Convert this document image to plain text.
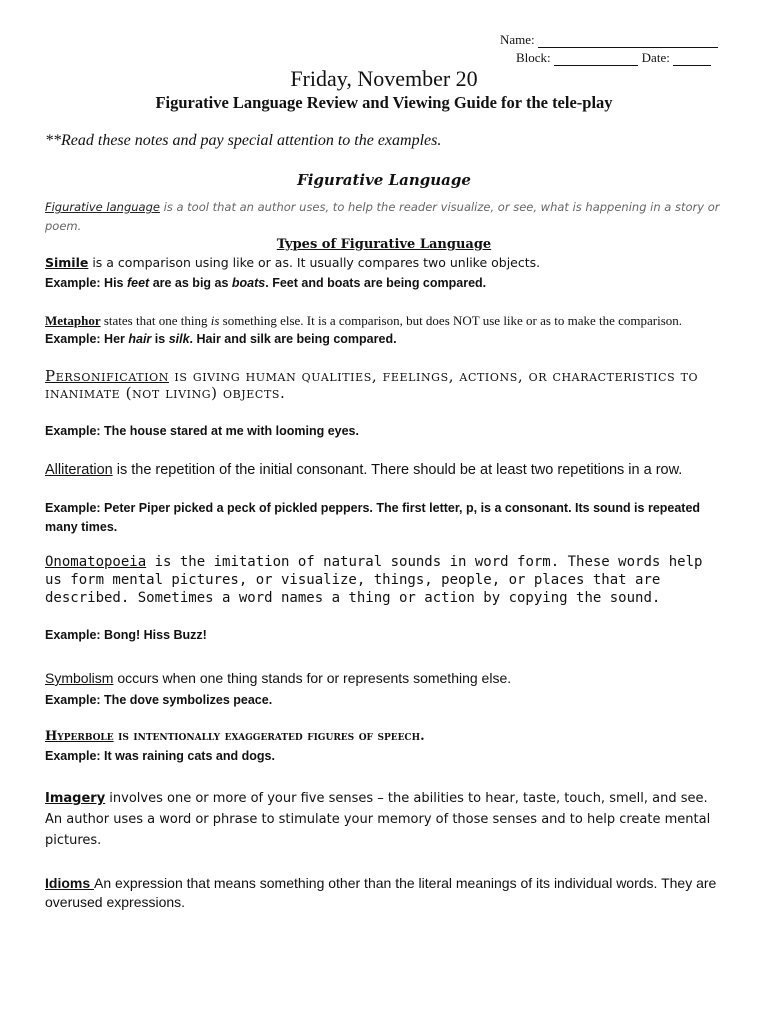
Name:
Block:	Date:
Friday, November 20
Figurative Language Review and Viewing Guide for the tele-play
**Read these notes and pay special attention to the examples.
Figurative Language
Figurative language is a tool that an author uses, to help the reader visualize, or see, what is happening in a story or poem.
Types of Figurative Language
Simile is a comparison using like or as. It usually compares two unlike objects.
Example: His feet are as big as boats. Feet and boats are being compared.
Metaphor states that one thing is something else. It is a comparison, but does NOT use like or as to make the comparison.
Example: Her hair is silk. Hair and silk are being compared.
Personification is giving human qualities, feelings, actions, or characteristics to inanimate (not living) objects.
Example: The house stared at me with looming eyes.
Alliteration is the repetition of the initial consonant. There should be at least two repetitions in a row.
Example: Peter Piper picked a peck of pickled peppers. The first letter, p, is a consonant. Its sound is repeated many times.
Onomatopoeia is the imitation of natural sounds in word form. These words help us form mental pictures, or visualize, things, people, or places that are described. Sometimes a word names a thing or action by copying the sound.
Example: Bong! Hiss Buzz!
Symbolism occurs when one thing stands for or represents something else.
Example: The dove symbolizes peace.
Hyperbole is intentionally exaggerated figures of speech.
Example: It was raining cats and dogs.
Imagery involves one or more of your five senses – the abilities to hear, taste, touch, smell, and see. An author uses a word or phrase to stimulate your memory of those senses and to help create mental pictures.
Idioms An expression that means something other than the literal meanings of its individual words. They are overused expressions.
